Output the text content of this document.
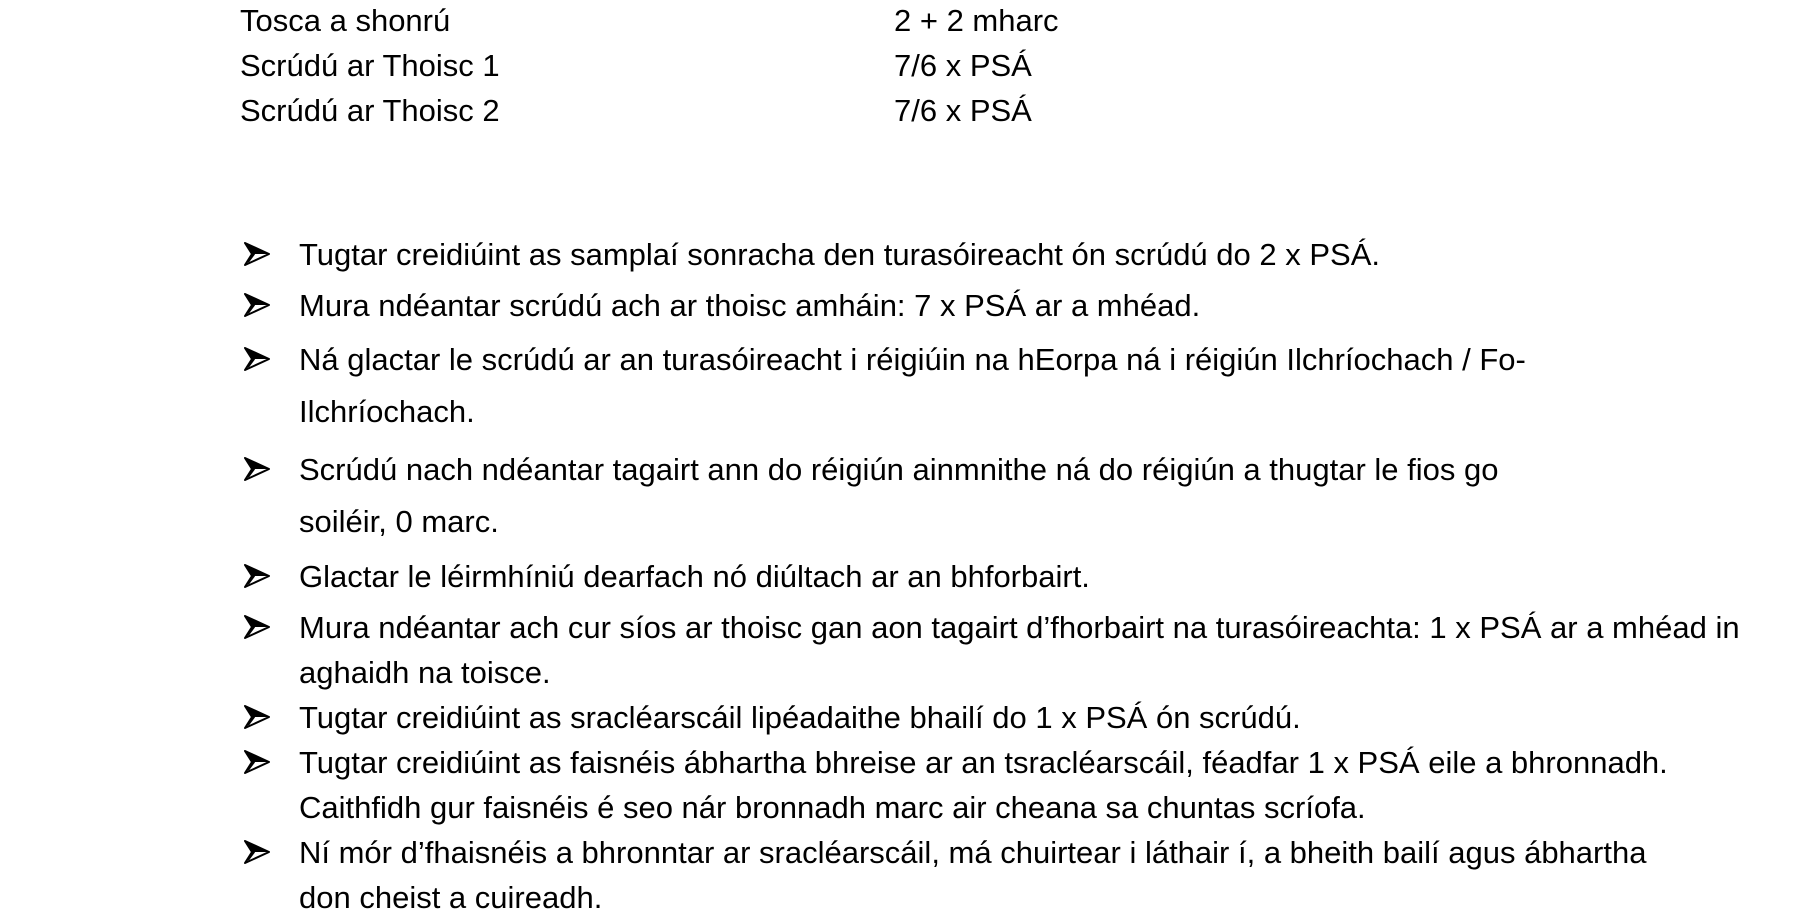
Tosca a shonrú	2 + 2 mharc
Scrúdú ar Thoisc 1	7/6 x PSÁ
Scrúdú ar Thoisc 2	7/6 x PSÁ
Tugtar creidiúint as samplaí sonracha den turasóireacht ón scrúdú do 2 x PSÁ.
Mura ndéantar scrúdú ach ar thoisc amháin: 7 x PSÁ ar a mhéad.
Ná glactar le scrúdú ar an turasóireacht i réigiúin na hEorpa ná i réigiún Ilchríochach / Fo-Ilchríochach.
Scrúdú nach ndéantar tagairt ann do réigiún ainmnithe ná do réigiún a thugtar le fios go soiléir, 0 marc.
Glactar le léirmhíniú dearfach nó diúltach ar an bhforbairt.
Mura ndéantar ach cur síos ar thoisc gan aon tagairt d’fhorbairt na turasóireachta: 1 x PSÁ ar a mhéad in aghaidh na toisce.
Tugtar creidiúint as sracléarscáil lipéadaithe bhailí do 1 x PSÁ ón scrúdú.
Tugtar creidiúint as faisnéis ábhartha bhreise ar an tsracléarscáil, féadfar 1 x PSÁ eile a bhronnadh. Caithfidh gur faisnéis é seo nár bronnadh marc air cheana sa chuntas scríofa.
Ní mór d’fhaisnéis a bhronntar ar sracléarscáil, má chuirtear i láthair í, a bheith bailí agus ábhartha don cheist a cuireadh.
